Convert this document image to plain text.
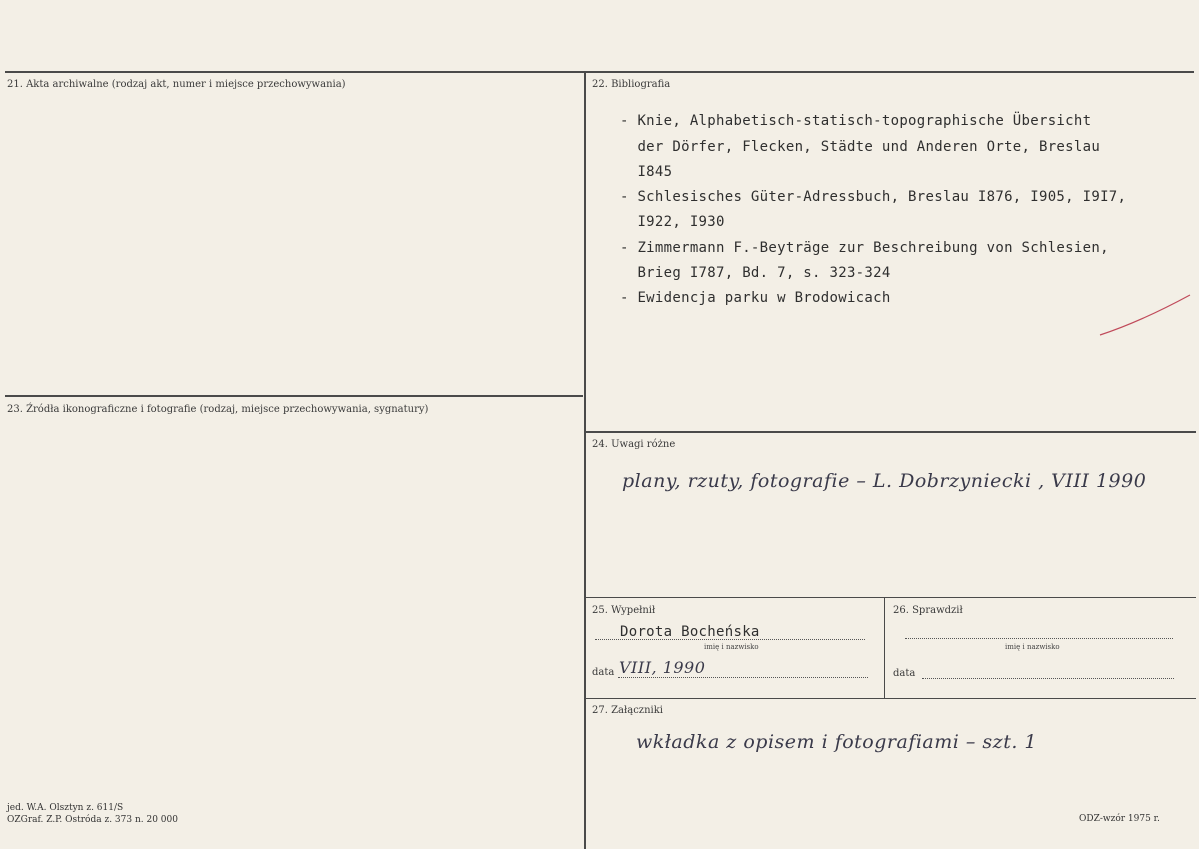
21. Akta archiwalne (rodzaj akt, numer i miejsce przechowywania)	22. Bibliografia
23. Źródła ikonograficzne i fotografie (rodzaj, miejsce przechowywania, sygnatury)
24. Uwagi różne
25. Wypełnił	26. Sprawdził
27. Załączniki
- Knie, Alphabetisch-statisch-topographische Übersicht
der Dörfer, Flecken, Städte und Anderen Orte, Breslau
I845
- Schlesisches Güter-Adressbuch, Breslau I876, I905, I9I7,
I922, I930
- Zimmermann F.-Beyträge zur Beschreibung von Schlesien,
Brieg I787, Bd. 7, s. 323-324
- Ewidencja parku w Brodowicach
plany, rzuty, fotografie – L. Dobrzyniecki , VIII 1990
Dorota Bocheńska
imię i nazwisko
data VIII, 1990
imię i nazwisko
data
wkładka z opisem i fotografiami – szt. 1
jed. W.A. Olsztyn z. 611/S
OZGraf. Z.P. Ostróda z. 373 n. 20 000	ODZ-wzór 1975 r.
